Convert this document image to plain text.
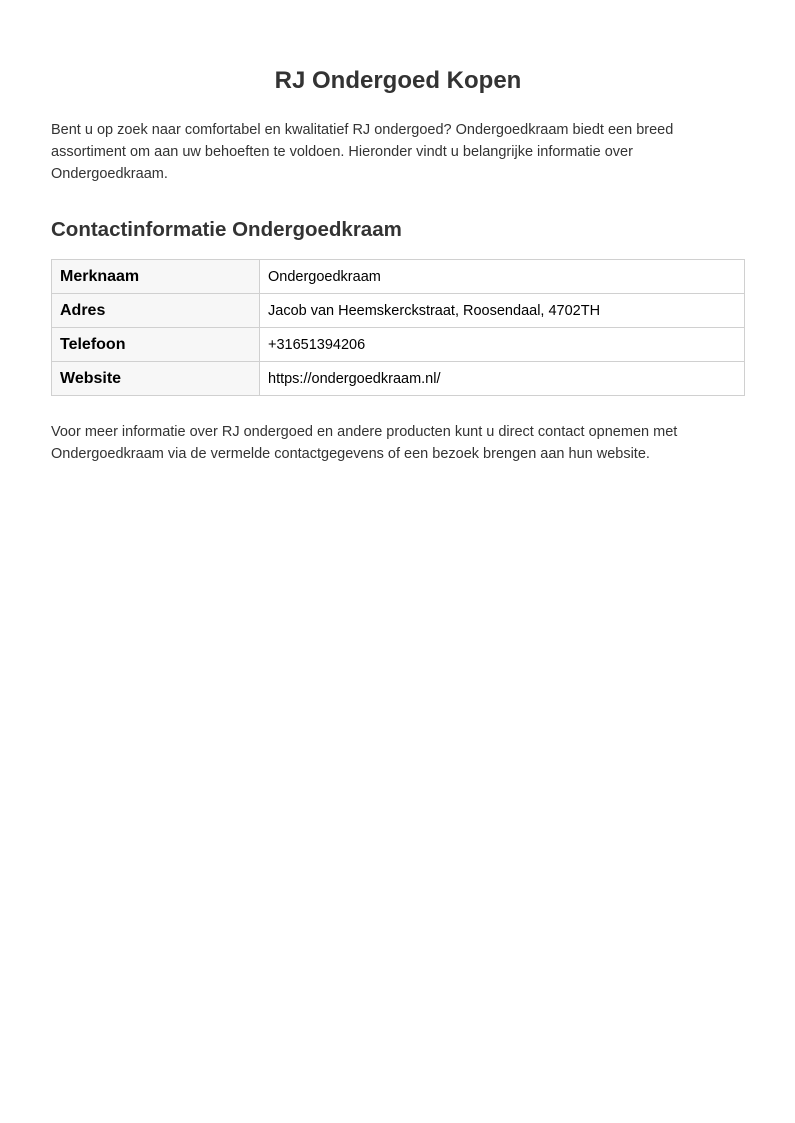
RJ Ondergoed Kopen

Bent u op zoek naar comfortabel en kwalitatief RJ ondergoed? Ondergoedkraam biedt een breed assortiment om aan uw behoeften te voldoen. Hieronder vindt u belangrijke informatie over Ondergoedkraam.

Contactinformatie Ondergoedkraam
Merknaam	Ondergoedkraam
Adres	Jacob van Heemskerckstraat, Roosendaal, 4702TH
Telefoon	+31651394206
Website	https://ondergoedkraam.nl/

Voor meer informatie over RJ ondergoed en andere producten kunt u direct contact opnemen met Ondergoedkraam via de vermelde contactgegevens of een bezoek brengen aan hun website.
